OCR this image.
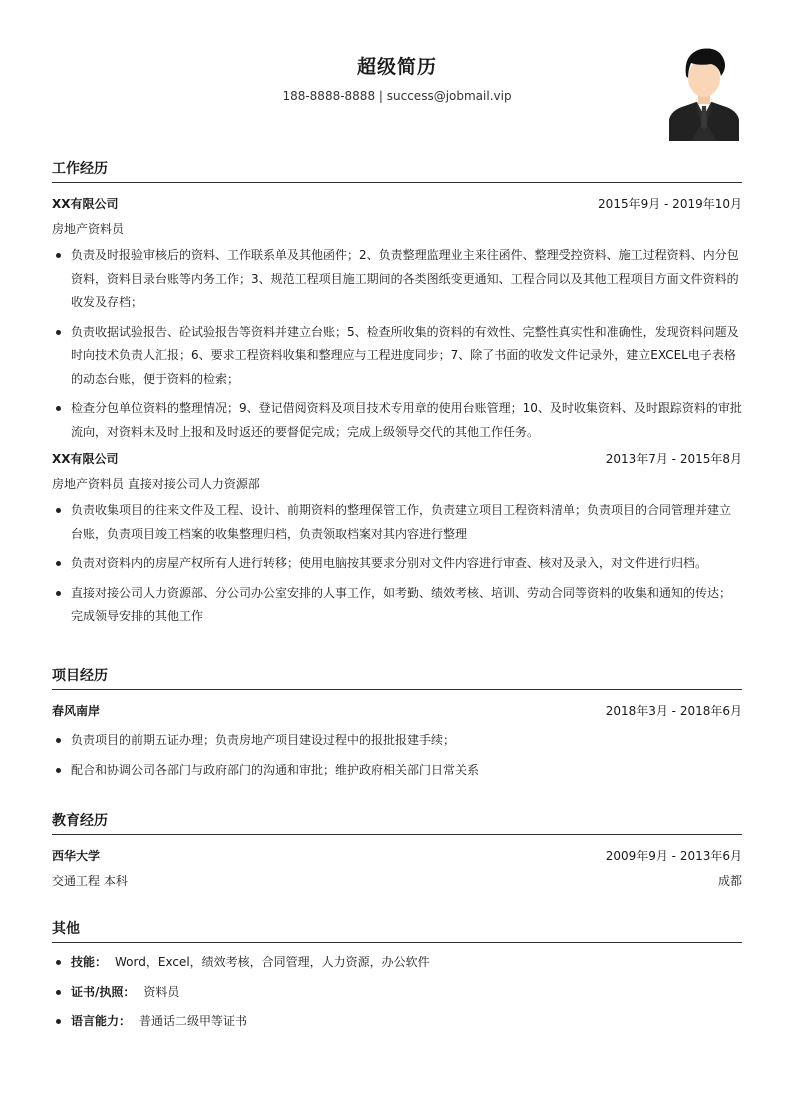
超级简历
188-8888-8888 | success@jobmail.vip
工作经历
XX有限公司	2015年9月 - 2019年10月
房地产资料员
负责及时报验审核后的资料、工作联系单及其他函件；2、负责整理监理业主来往函件、整理受控资料、施工过程资料、内分包资料，资料目录台账等内务工作；3、规范工程项目施工期间的各类图纸变更通知、工程合同以及其他工程项目方面文件资料的收发及存档；
负责收据试验报告、砼试验报告等资料并建立台账；5、检查所收集的资料的有效性、完整性真实性和准确性，发现资料问题及时向技术负责人汇报；6、要求工程资料收集和整理应与工程进度同步；7、除了书面的收发文件记录外，建立EXCEL电子表格的动态台账，便于资料的检索；
检查分包单位资料的整理情况；9、登记借阅资料及项目技术专用章的使用台账管理；10、及时收集资料、及时跟踪资料的审批流向，对资料未及时上报和及时返还的要督促完成；完成上级领导交代的其他工作任务。
XX有限公司	2013年7月 - 2015年8月
房地产资料员 直接对接公司人力资源部
负责收集项目的往来文件及工程、设计、前期资料的整理保管工作，负责建立项目工程资料清单；负责项目的合同管理并建立台账，负责项目竣工档案的收集整理归档，负责领取档案对其内容进行整理
负责对资料内的房屋产权所有人进行转移；使用电脑按其要求分别对文件内容进行审查、核对及录入，对文件进行归档。
直接对接公司人力资源部、分公司办公室安排的人事工作，如考勤、绩效考核、培训、劳动合同等资料的收集和通知的传达；完成领导安排的其他工作
项目经历
春风南岸	2018年3月 - 2018年6月
负责项目的前期五证办理；负责房地产项目建设过程中的报批报建手续；
配合和协调公司各部门与政府部门的沟通和审批；维护政府相关部门日常关系
教育经历
西华大学	2009年9月 - 2013年6月
交通工程 本科	成都
其他
技能： Word，Excel，绩效考核，合同管理，人力资源，办公软件
证书/执照： 资料员
语言能力： 普通话二级甲等证书
